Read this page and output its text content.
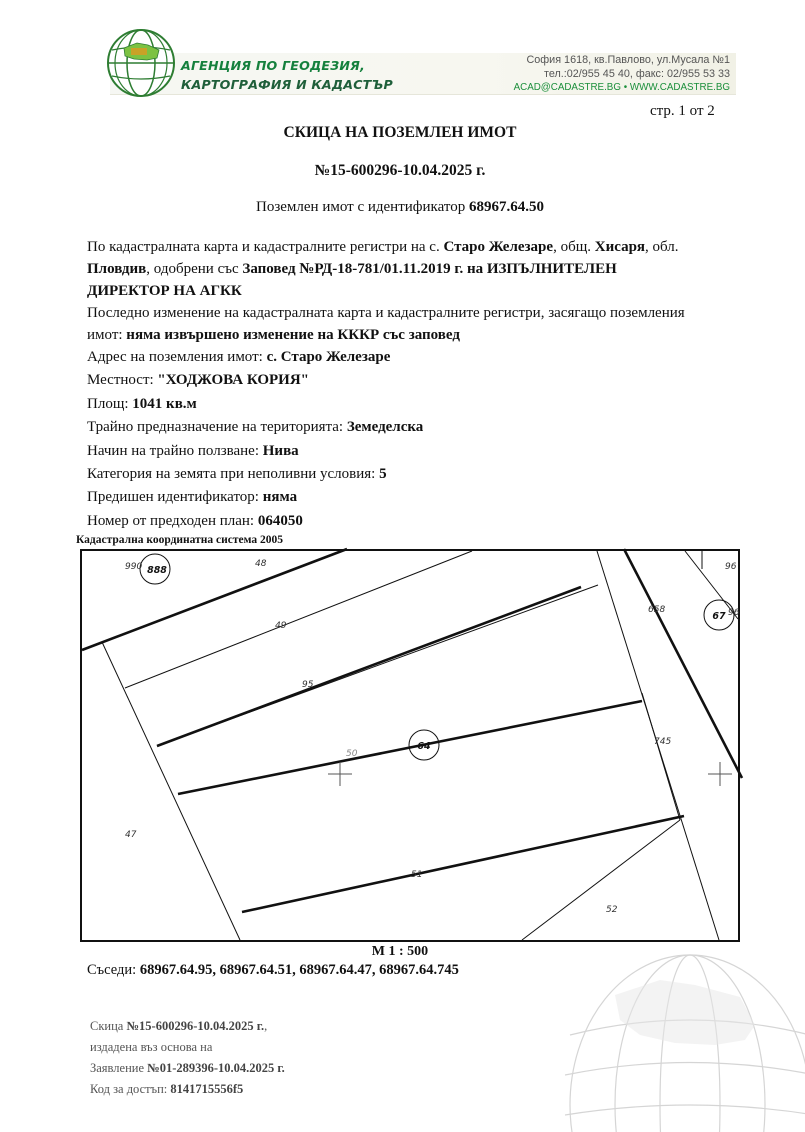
АГЕНЦИЯ ПО ГЕОДЕЗИЯ,
КАРТОГРАФИЯ И КАДАСТЪР
София 1618, кв.Павлово, ул.Мусала №1
тел.:02/955 45 40, факс: 02/955 53 33
ACAD@CADASTRE.BG • WWW.CADASTRE.BG
стр. 1 от 2
СКИЦА НА ПОЗЕМЛЕН ИМОТ
№15-600296-10.04.2025 г.
Поземлен имот с идентификатор 68967.64.50
По кадастралната карта и кадастралните регистри на с. Старо Железаре, общ. Хисаря, обл.
Пловдив, одобрени със Заповед №РД-18-781/01.11.2019 г. на ИЗПЪЛНИТЕЛЕН
ДИРЕКТОР НА АГКК
Последно изменение на кадастралната карта и кадастралните регистри, засягащо поземления
имот: няма извършено изменение на КККР със заповед
Адрес на поземления имот: с. Старо Железаре
Местност: "ХОДЖОВА КОРИЯ"
Площ: 1041 кв.м
Трайно предназначение на територията: Земеделска
Начин на трайно ползване: Нива
Категория на земята при неполивни условия: 5
Предишен идентификатор: няма
Номер от предходен план: 064050
Кадастрална координатна система 2005
990	48
49
95
50
47
51
52
745
658
96
96
888
64
67
М 1 : 500
Съседи: 68967.64.95, 68967.64.51, 68967.64.47, 68967.64.745
Скица №15-600296-10.04.2025 г.,
издадена въз основа на
Заявление №01-289396-10.04.2025 г.
Код за достъп: 8141715556f5
